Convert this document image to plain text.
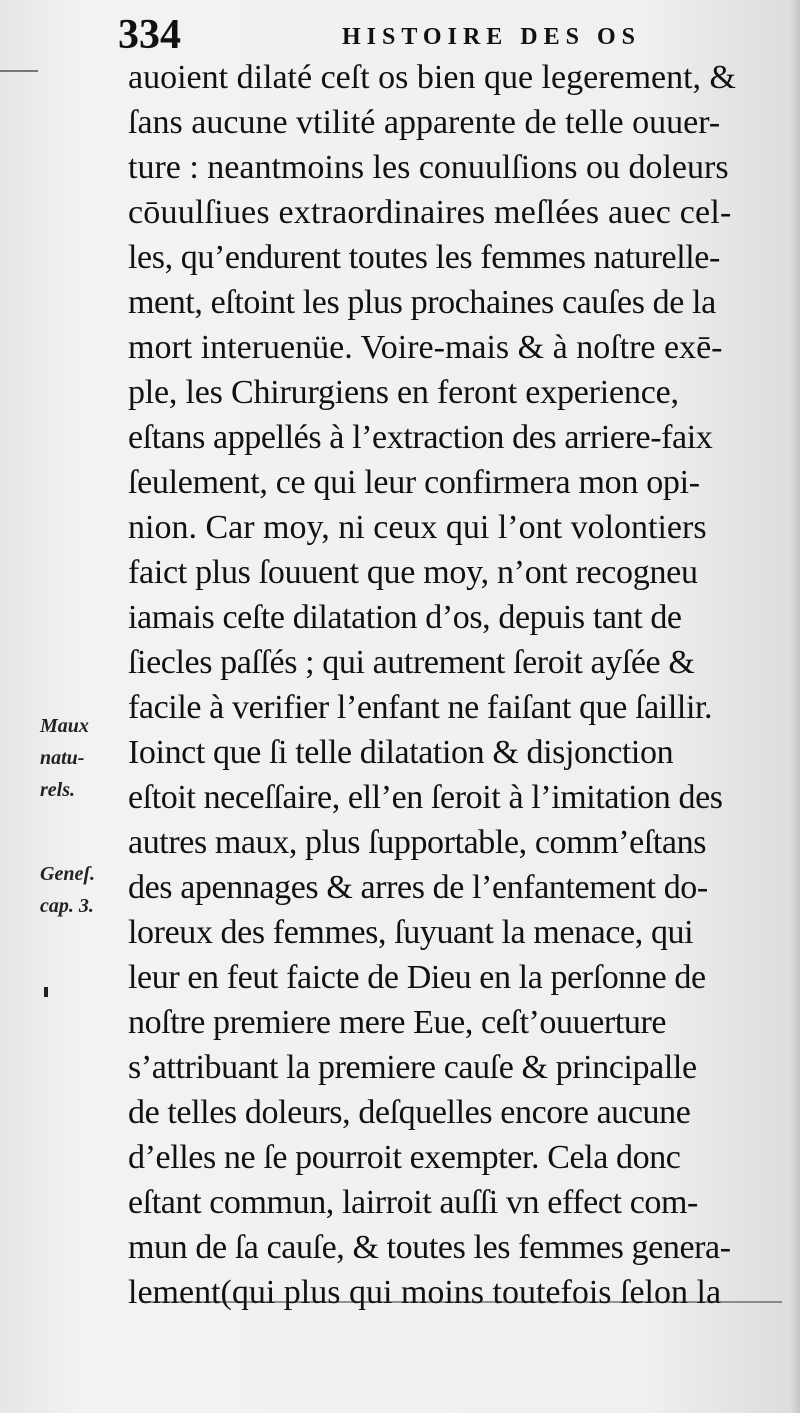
334	HISTOIRE DES OS
auoient dilaté ceſt os bien que legerement, &
ſans aucune vtilité apparente de telle ouuer-
ture : neantmoins les conuulſions ou doleurs
cōuulſiues extraordinaires meſlées auec cel-
les, qu’endurent toutes les femmes naturelle-
ment, eſtoint les plus prochaines cauſes de la
mort interuenüe. Voire-mais & à noſtre exē-
ple, les Chirurgiens en feront experience,
eſtans appellés à l’extraction des arriere-faix
ſeulement, ce qui leur confirmera mon opi-
nion. Car moy, ni ceux qui l’ont volontiers
faict plus ſouuent que moy, n’ont recogneu
iamais ceſte dilatation d’os, depuis tant de
ſiecles paſſés ; qui autrement ſeroit ayſée &
facile à verifier l’enfant ne faiſant que ſaillir.
Ioinct que ſi telle dilatation & disjonction
eſtoit neceſſaire, ell’en ſeroit à l’imitation des
autres maux, plus ſupportable, comm’eſtans
des apennages & arres de l’enfantement do-
loreux des femmes, ſuyuant la menace, qui
leur en feut faicte de Dieu en la perſonne de
noſtre premiere mere Eue, ceſt’ouuerture
s’attribuant la premiere cauſe & principalle
de telles doleurs, deſquelles encore aucune
d’elles ne ſe pourroit exempter. Cela donc
eſtant commun, lairroit auſſi vn effect com-
mun de ſa cauſe, & toutes les femmes genera-
lement(qui plus qui moins toutefois ſelon la
Maux
natu-
rels.
Geneſ.
cap. 3.
